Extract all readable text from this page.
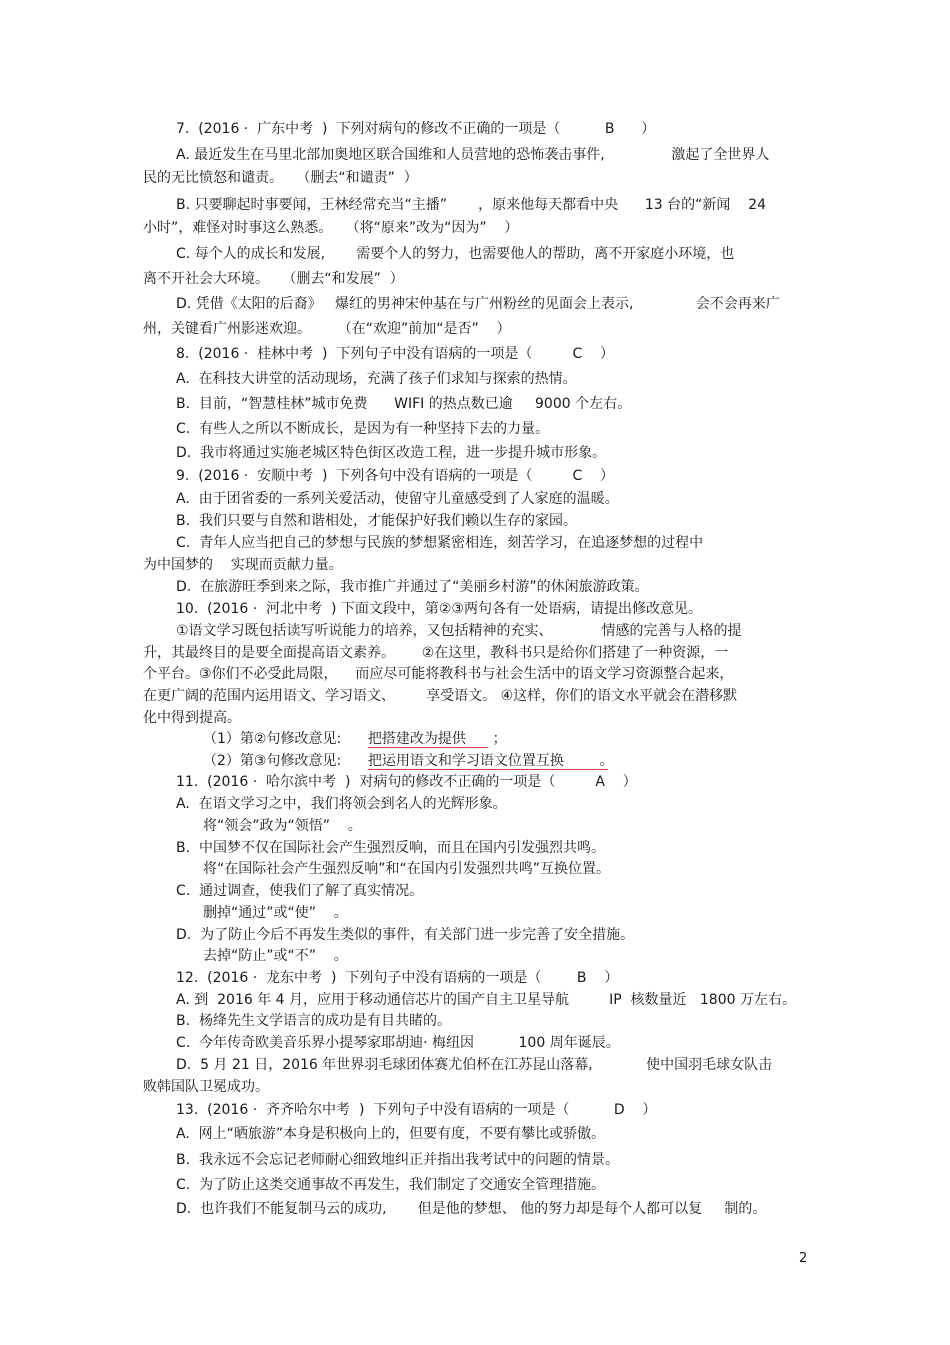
7.  (2016 ·  广东中考  )  下列对病句的修改不正确的一项是（          B      ）
A. 最近发生在马里北部加奥地区联合国维和人员营地的恐怖袭击事件,               激起了全世界人
民的无比愤怒和谴责。   （删去“和谴责”  ）
B. 只要聊起时事要闻，王林经常充当“主播”       ，原来他每天都看中央      13 台的“新闻    24
小时”，难怪对时事这么熟悉。   （将“原来”改为“因为”    ）
C. 每个人的成长和发展,       需要个人的努力，也需要他人的帮助，离不开家庭小环境，也
离不开社会大环境。   （删去“和发展”  ）
D. 凭借《太阳的后裔》   爆红的男神宋仲基在与广州粉丝的见面会上表示,              会不会再来广
州，关键看广州影迷欢迎。      （在“欢迎”前加“是否”    ）
8.  (2016 ·  桂林中考  )  下列句子中没有语病的一项是（         C    ）
A.  在科技大讲堂的活动现场，充满了孩子们求知与探索的热情。
B.  目前，“智慧桂林”城市免费      WIFI 的热点数已逾     9000 个左右。
C.  有些人之所以不断成长，是因为有一种坚持下去的力量。
D.  我市将通过实施老城区特色街区改造工程，进一步提升城市形象。
9.  (2016 ·  安顺中考  )  下列各句中没有语病的一项是（         C    ）
A.  由于团省委的一系列关爱活动，使留守儿童感受到了人家庭的温暖。
B.  我们只要与自然和谐相处，才能保护好我们赖以生存的家园。
C.  青年人应当把自己的梦想与民族的梦想紧密相连，刻苦学习，在追逐梦想的过程中
为中国梦的    实现而贡献力量。
D.  在旅游旺季到来之际，我市推广并通过了“美丽乡村游”的休闲旅游政策。
10.  (2016 ·  河北中考  ) 下面文段中，第②③两句各有一处语病，请提出修改意见。
①语文学习既包括读写听说能力的培养，又包括精神的充实、           情感的完善与人格的提
升，其最终目的是要全面提高语文素养。      ②在这里，教科书只是给你们搭建了一种资源，一
个平台。③你们不必受此局限，    而应尽可能将教科书与社会生活中的语文学习资源整合起来，
在更广阔的范围内运用语文、学习语文、       享受语文。 ④这样，你们的语文水平就会在潜移默
化中得到提高。
（1）第②句修改意见:      把搭建改为提供      ；
（2）第③句修改意见:      把运用语文和学习语文位置互换        。
11.  (2016 ·  哈尔滨中考  )  对病句的修改不正确的一项是（         A    ）
A.  在语文学习之中，我们将领会到名人的光辉形象。
将“领会”政为“领悟”    。
B.  中国梦不仅在国际社会产生强烈反响，而且在国内引发强烈共鸣。
将“在国际社会产生强烈反响”和“在国内引发强烈共鸣”互换位置。
C.  通过调查，使我们了解了真实情况。
删掉“通过”或“使”    。
D.  为了防止今后不再发生类似的事件，有关部门进一步完善了安全措施。
去掉“防止”或“不”    。
12.  (2016 ·  龙东中考  )  下列句子中没有语病的一项是（        B    ）
A. 到  2016 年 4 月，应用于移动通信芯片的国产自主卫星导航         IP  核数量近   1800 万左右。
B.  杨绛先生文学语言的成功是有目共睹的。
C.  今年传奇欧美音乐界小提琴家耶胡迪· 梅纽因          100 周年诞辰。
D.  5 月 21 日，2016 年世界羽毛球团体赛尤伯杯在江苏昆山落幕,            使中国羽毛球女队击
败韩国队卫冕成功。
13.  (2016 ·  齐齐哈尔中考  )  下列句子中没有语病的一项是（          D    ）
A.  网上“晒旅游”本身是积极向上的，但要有度，不要有攀比或骄傲。
B.  我永远不会忘记老师耐心细致地纠正并指出我考试中的问题的情景。
C.  为了防止这类交通事故不再发生，我们制定了交通安全管理措施。
D.  也许我们不能复制马云的成功,       但是他的梦想、 他的努力却是每个人都可以复     制的。
2
